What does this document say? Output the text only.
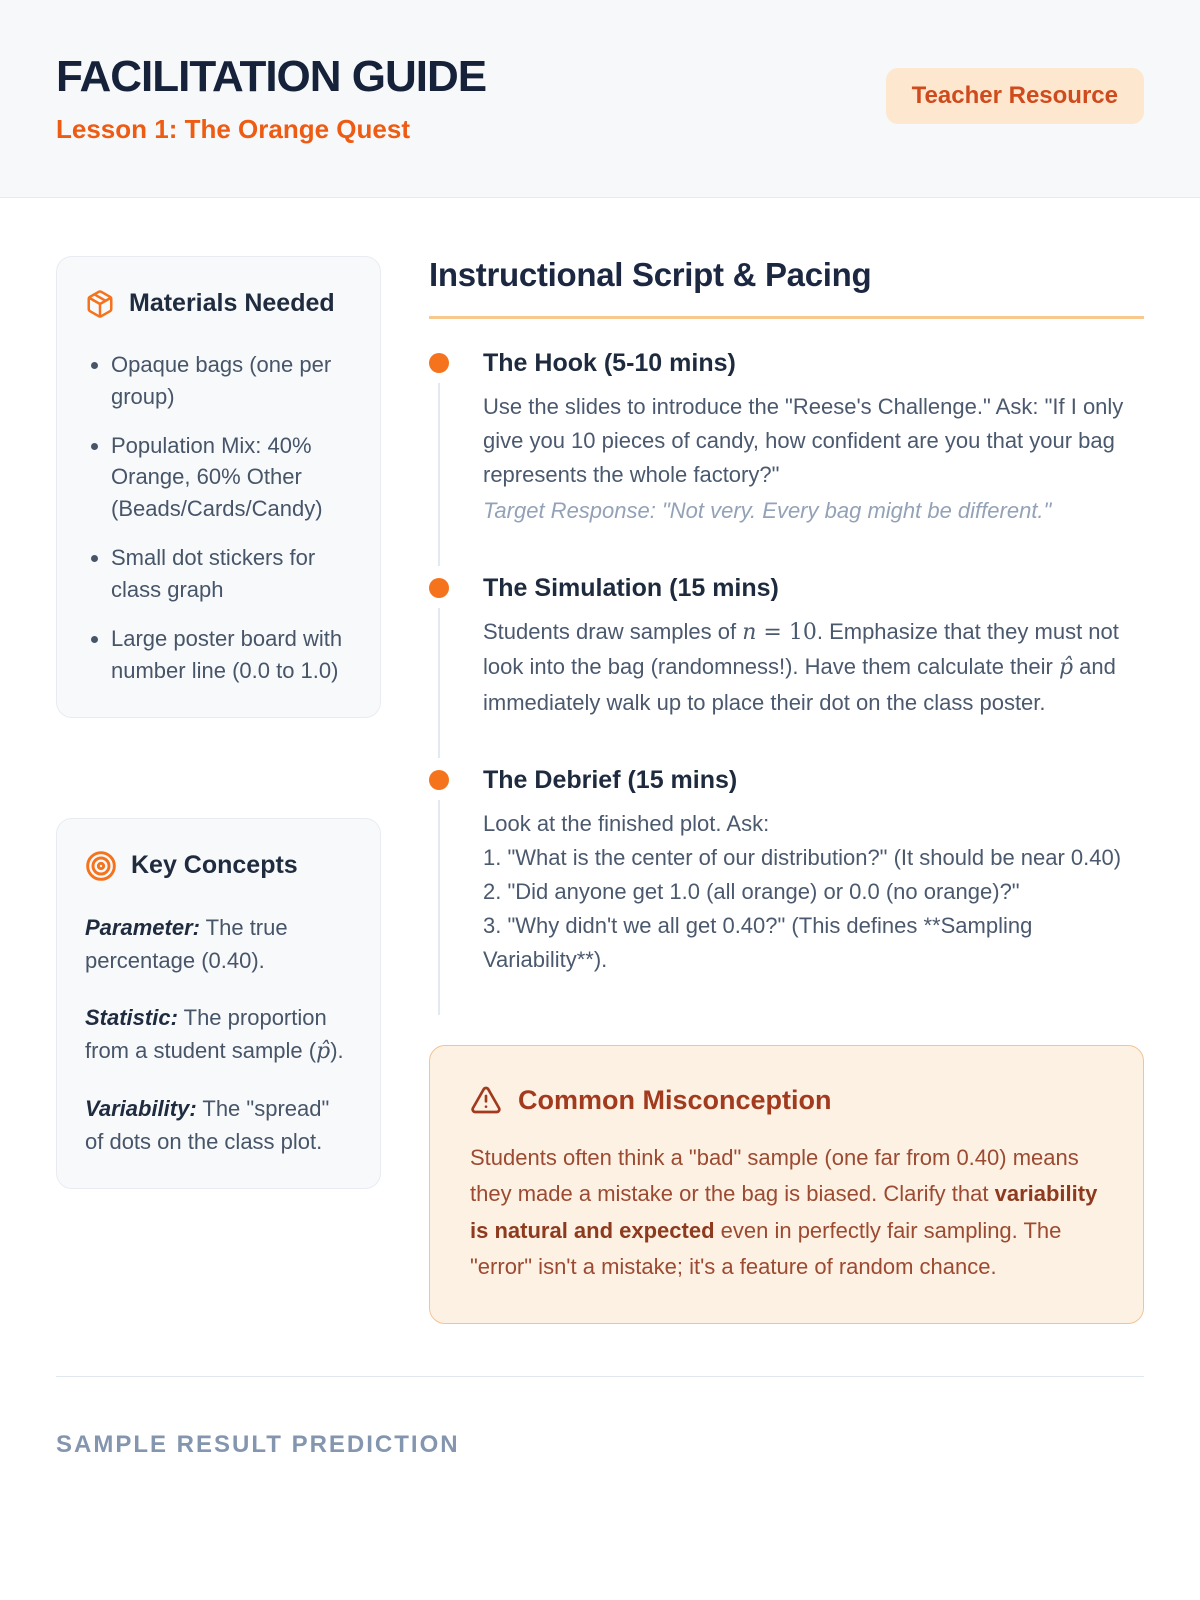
FACILITATION GUIDE
Lesson 1: The Orange Quest
Teacher Resource
Materials Needed
• Opaque bags (one per group)
• Population Mix: 40% Orange, 60% Other (Beads/Cards/Candy)
• Small dot stickers for class graph
• Large poster board with number line (0.0 to 1.0)
Key Concepts

Parameter: The true percentage (0.40).

Statistic: The proportion from a student sample (p̂).

Variability: The "spread" of dots on the class plot.

Instructional Script & Pacing
The Hook (5-10 mins)
Use the slides to introduce the "Reese's Challenge." Ask: "If I only give you 10 pieces of candy, how confident are you that your bag represents the whole factory?"
Target Response: "Not very. Every bag might be different."
The Simulation (15 mins)
Students draw samples of n = 10. Emphasize that they must not look into the bag (randomness!). Have them calculate their p̂ and immediately walk up to place their dot on the class poster.
The Debrief (15 mins)
Look at the finished plot. Ask:
1. "What is the center of our distribution?" (It should be near 0.40)
2. "Did anyone get 1.0 (all orange) or 0.0 (no orange)?"
3. "Why didn't we all get 0.40?" (This defines **Sampling Variability**).
Common Misconception
Students often think a "bad" sample (one far from 0.40) means they made a mistake or the bag is biased. Clarify that variability is natural and expected even in perfectly fair sampling. The "error" isn't a mistake; it's a feature of random chance.
SAMPLE RESULT PREDICTION
